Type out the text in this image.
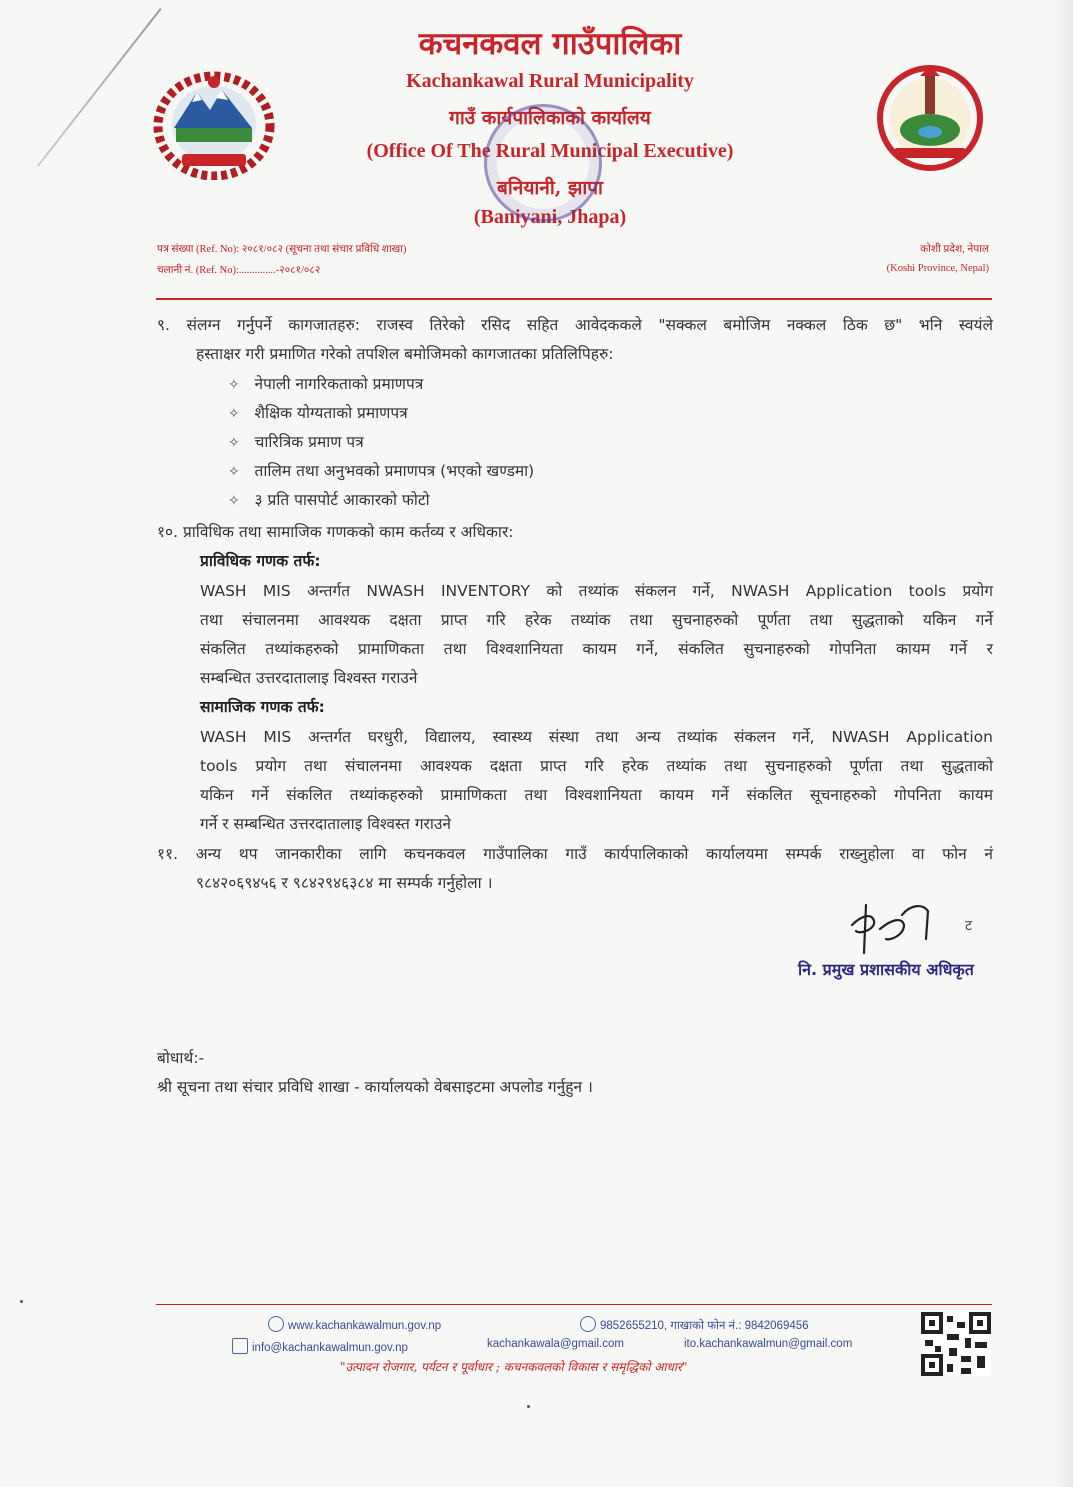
कचनकवल गाउँपालिका
Kachankawal Rural Municipality
गाउँ कार्यपालिकाको कार्यालय
(Office Of The Rural Municipal Executive)
बनियानी, झापा
(Baniyani, Jhapa)
पत्र संख्या (Ref. No): २०८१/०८२ (सूचना तथा संचार प्रविधि शाखा)
चलानी नं. (Ref. No):..............-२०८१/०८२
कोशी प्रदेश, नेपाल
(Koshi Province, Nepal)
९. संलग्न गर्नुपर्ने कागजातहरु: राजस्व तिरेको रसिद सहित आवेदककले "सक्कल बमोजिम नक्कल ठिक छ" भनि स्वयंले
हस्ताक्षर गरी प्रमाणित गरेको तपशिल बमोजिमको कागजातका प्रतिलिपिहरु:
✧ नेपाली नागरिकताको प्रमाणपत्र
✧ शैक्षिक योग्यताको प्रमाणपत्र
✧ चारित्रिक प्रमाण पत्र
✧ तालिम तथा अनुभवको प्रमाणपत्र (भएको खण्डमा)
✧ ३ प्रति पासपोर्ट आकारको फोटो
१०. प्राविधिक तथा सामाजिक गणकको काम कर्तव्य र अधिकार:
प्राविधिक गणक तर्फ:
WASH MIS अन्तर्गत NWASH INVENTORY को तथ्यांक संकलन गर्ने, NWASH Application tools प्रयोग
तथा संचालनमा आवश्यक दक्षता प्राप्त गरि हरेक तथ्यांक तथा सुचनाहरुको पूर्णता तथा सुद्धताको यकिन गर्ने
संकलित तथ्यांकहरुको प्रामाणिकता तथा विश्वशानियता कायम गर्ने, संकलित सुचनाहरुको गोपनिता कायम गर्ने र
सम्बन्धित उत्तरदातालाइ विश्वस्त गराउने
सामाजिक गणक तर्फ:
WASH MIS अन्तर्गत घरधुरी, विद्यालय, स्वास्थ्य संस्था तथा अन्य तथ्यांक संकलन गर्ने, NWASH Application
tools प्रयोग तथा संचालनमा आवश्यक दक्षता प्राप्त गरि हरेक तथ्यांक तथा सुचनाहरुको पूर्णता तथा सुद्धताको
यकिन गर्ने संकलित तथ्यांकहरुको प्रामाणिकता तथा विश्वशानियता कायम गर्ने संकलित सूचनाहरुको गोपनिता कायम
गर्ने र सम्बन्धित उत्तरदातालाइ विश्वस्त गराउने
११. अन्य थप जानकारीका लागि कचनकवल गाउँपालिका गाउँ कार्यपालिकाको कार्यालयमा सम्पर्क राख्नुहोला वा फोन नं
९८४२०६९४५६ र ९८४२९४६३८४ मा सम्पर्क गर्नुहोला ।
ट
नि. प्रमुख प्रशासकीय अधिकृत
बोधार्थ:-
श्री सूचना तथा संचार प्रविधि शाखा - कार्यालयको वेबसाइटमा अपलोड गर्नुहुन ।
www.kachankawalmun.gov.np	9852655210, गाखाको फोन नं.: 9842069456
info@kachankawalmun.gov.np	kachankawala@gmail.com	ito.kachankawalmun@gmail.com
"उत्पादन रोजगार, पर्यटन र पूर्वाधार ; कचनकवलको विकास र समृद्धिको आधार"
